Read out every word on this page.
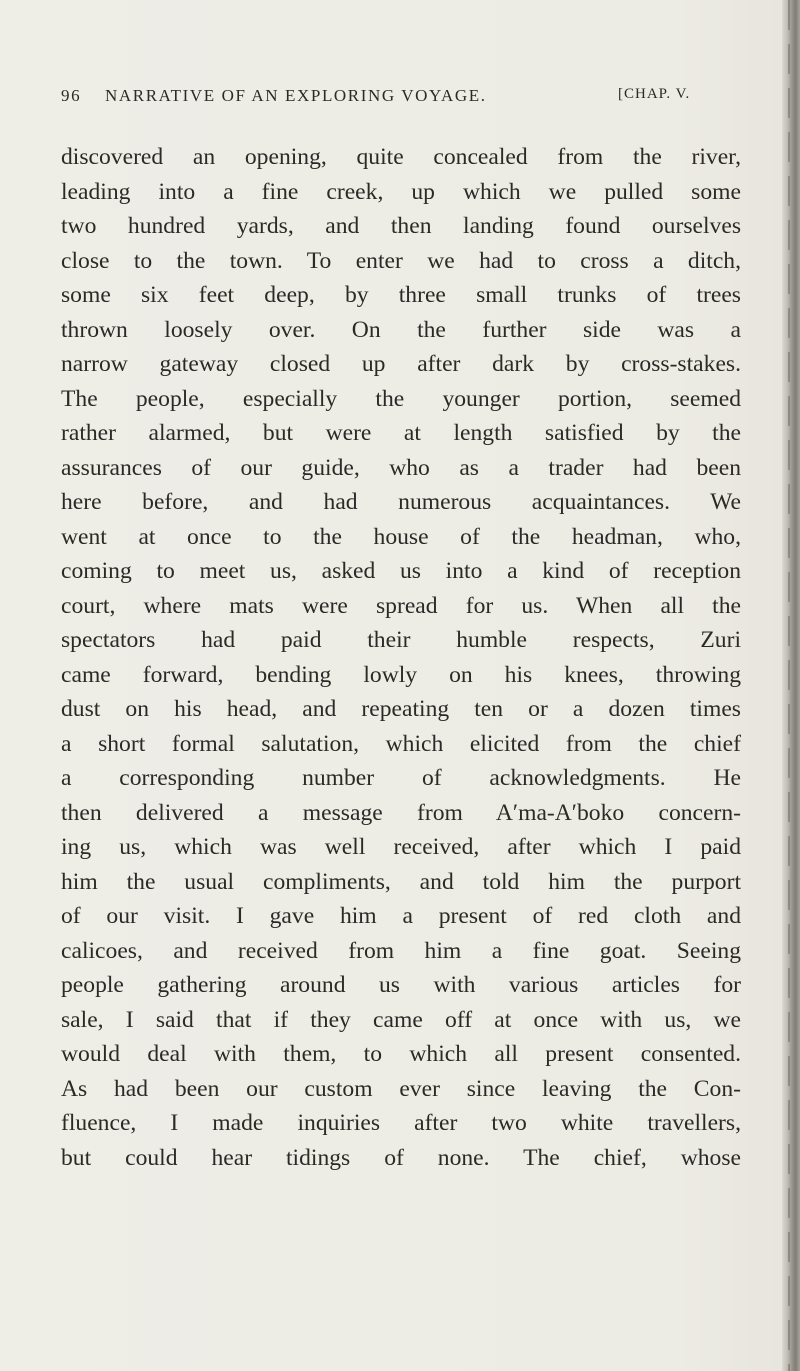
96 NARRATIVE OF AN EXPLORING VOYAGE.	[CHAP. V.
discovered an opening, quite concealed from the river,
leading into a fine creek, up which we pulled some
two hundred yards, and then landing found ourselves
close to the town. To enter we had to cross a ditch,
some six feet deep, by three small trunks of trees
thrown loosely over. On the further side was a
narrow gateway closed up after dark by cross-stakes.
The people, especially the younger portion, seemed
rather alarmed, but were at length satisfied by the
assurances of our guide, who as a trader had been
here before, and had numerous acquaintances. We
went at once to the house of the headman, who,
coming to meet us, asked us into a kind of reception
court, where mats were spread for us. When all the
spectators had paid their humble respects, Zuri
came forward, bending lowly on his knees, throwing
dust on his head, and repeating ten or a dozen times
a short formal salutation, which elicited from the chief
a corresponding number of acknowledgments. He
then delivered a message from A′ma-A′boko concern-
ing us, which was well received, after which I paid
him the usual compliments, and told him the purport
of our visit. I gave him a present of red cloth and
calicoes, and received from him a fine goat. Seeing
people gathering around us with various articles for
sale, I said that if they came off at once with us, we
would deal with them, to which all present consented.
As had been our custom ever since leaving the Con-
fluence, I made inquiries after two white travellers,
but could hear tidings of none. The chief, whose
